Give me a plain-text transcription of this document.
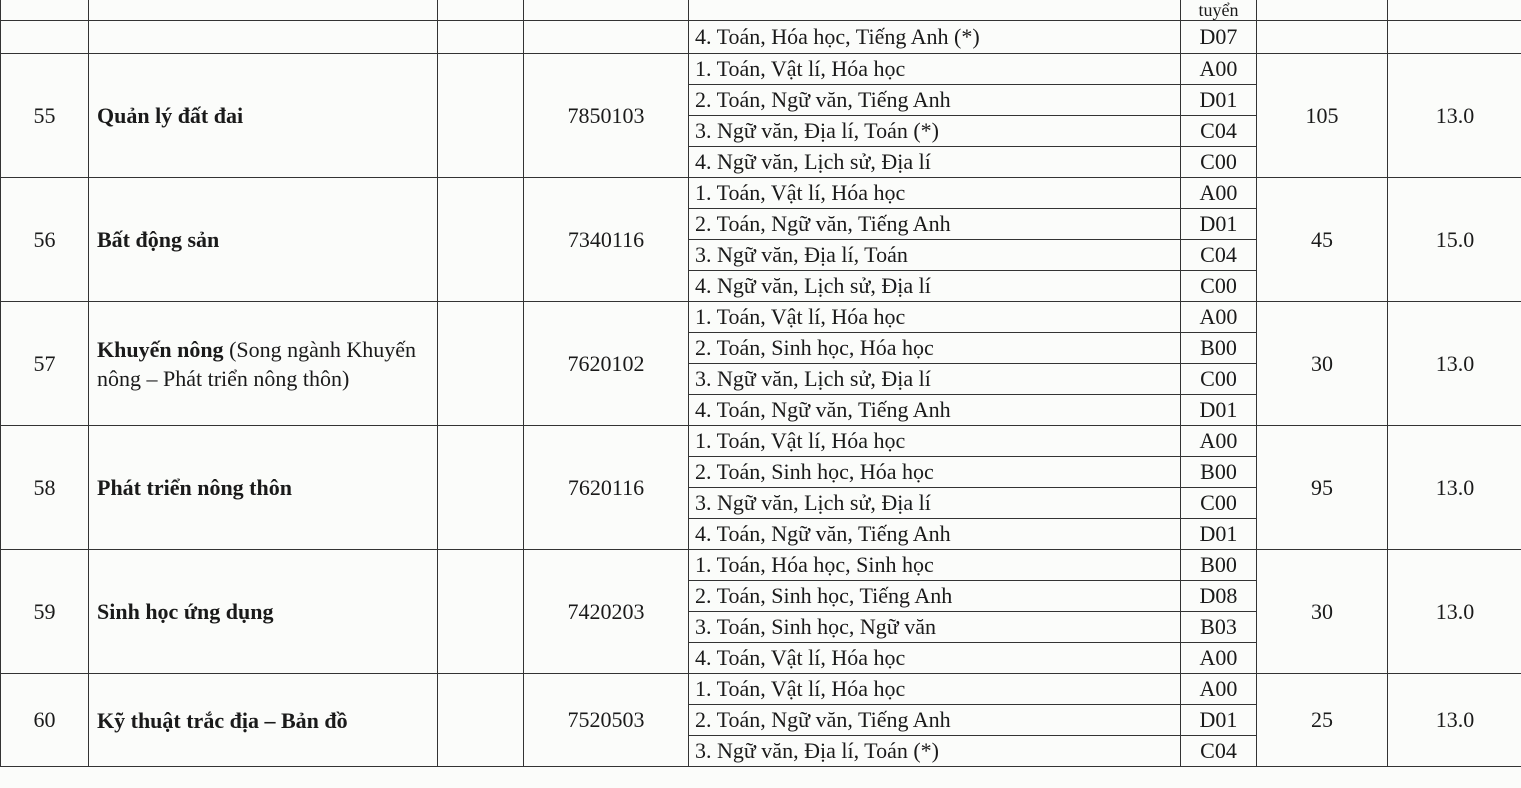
					tuyển		
				4. Toán, Hóa học, Tiếng Anh (*)	D07		
55	Quản lý đất đai		7850103	1. Toán, Vật lí, Hóa học	A00	105	13.0
				2. Toán, Ngữ văn, Tiếng Anh	D01		
				3. Ngữ văn, Địa lí, Toán (*)	C04		
				4. Ngữ văn, Lịch sử, Địa lí	C00		
56	Bất động sản		7340116	1. Toán, Vật lí, Hóa học	A00	45	15.0
				2. Toán, Ngữ văn, Tiếng Anh	D01		
				3. Ngữ văn, Địa lí, Toán	C04		
				4. Ngữ văn, Lịch sử, Địa lí	C00		
57	Khuyến nông (Song ngành Khuyến nông – Phát triển nông thôn)		7620102	1. Toán, Vật lí, Hóa học	A00	30	13.0
				2. Toán, Sinh học, Hóa học	B00		
				3. Ngữ văn, Lịch sử, Địa lí	C00		
				4. Toán, Ngữ văn, Tiếng Anh	D01		
58	Phát triển nông thôn		7620116	1. Toán, Vật lí, Hóa học	A00	95	13.0
				2. Toán, Sinh học, Hóa học	B00		
				3. Ngữ văn, Lịch sử, Địa lí	C00		
				4. Toán, Ngữ văn, Tiếng Anh	D01		
59	Sinh học ứng dụng		7420203	1. Toán, Hóa học, Sinh học	B00	30	13.0
				2. Toán, Sinh học, Tiếng Anh	D08		
				3. Toán, Sinh học, Ngữ văn	B03		
				4. Toán, Vật lí, Hóa học	A00		
60	Kỹ thuật trắc địa – Bản đồ		7520503	1. Toán, Vật lí, Hóa học	A00	25	13.0
				2. Toán, Ngữ văn, Tiếng Anh	D01		
				3. Ngữ văn, Địa lí, Toán (*)	C04		
